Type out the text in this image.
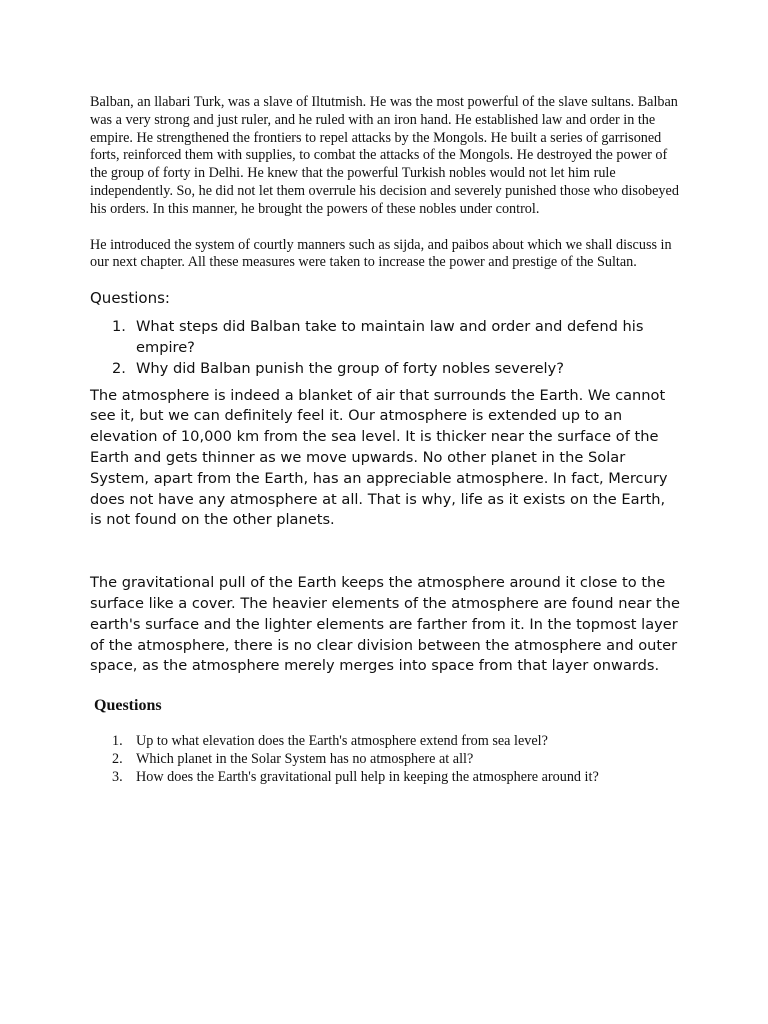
Balban, an llabari Turk, was a slave of Iltutmish. He was the most powerful of the slave sultans. Balban was a very strong and just ruler, and he ruled with an iron hand. He established law and order in the empire. He strengthened the frontiers to repel attacks by the Mongols. He built a series of garrisoned forts, reinforced them with supplies, to combat the attacks of the Mongols. He destroyed the power of the group of forty in Delhi. He knew that the powerful Turkish nobles would not let him rule independently. So, he did not let them overrule his decision and severely punished those who disobeyed his orders. In this manner, he brought the powers of these nobles under control.

He introduced the system of courtly manners such as sijda, and paibos about which we shall discuss in our next chapter. All these measures were taken to increase the power and prestige of the Sultan.

Questions:

1. What steps did Balban take to maintain law and order and defend his empire?
2. Why did Balban punish the group of forty nobles severely?

The atmosphere is indeed a blanket of air that surrounds the Earth. We cannot see it, but we can definitely feel it. Our atmosphere is extended up to an elevation of 10,000 km from the sea level. It is thicker near the surface of the Earth and gets thinner as we move upwards. No other planet in the Solar System, apart from the Earth, has an appreciable atmosphere. In fact, Mercury does not have any atmosphere at all. That is why, life as it exists on the Earth, is not found on the other planets.

The gravitational pull of the Earth keeps the atmosphere around it close to the surface like a cover. The heavier elements of the atmosphere are found near the earth's surface and the lighter elements are farther from it. In the topmost layer of the atmosphere, there is no clear division between the atmosphere and outer space, as the atmosphere merely merges into space from that layer onwards.

Questions

1. Up to what elevation does the Earth's atmosphere extend from sea level?
2. Which planet in the Solar System has no atmosphere at all?
3. How does the Earth's gravitational pull help in keeping the atmosphere around it?
